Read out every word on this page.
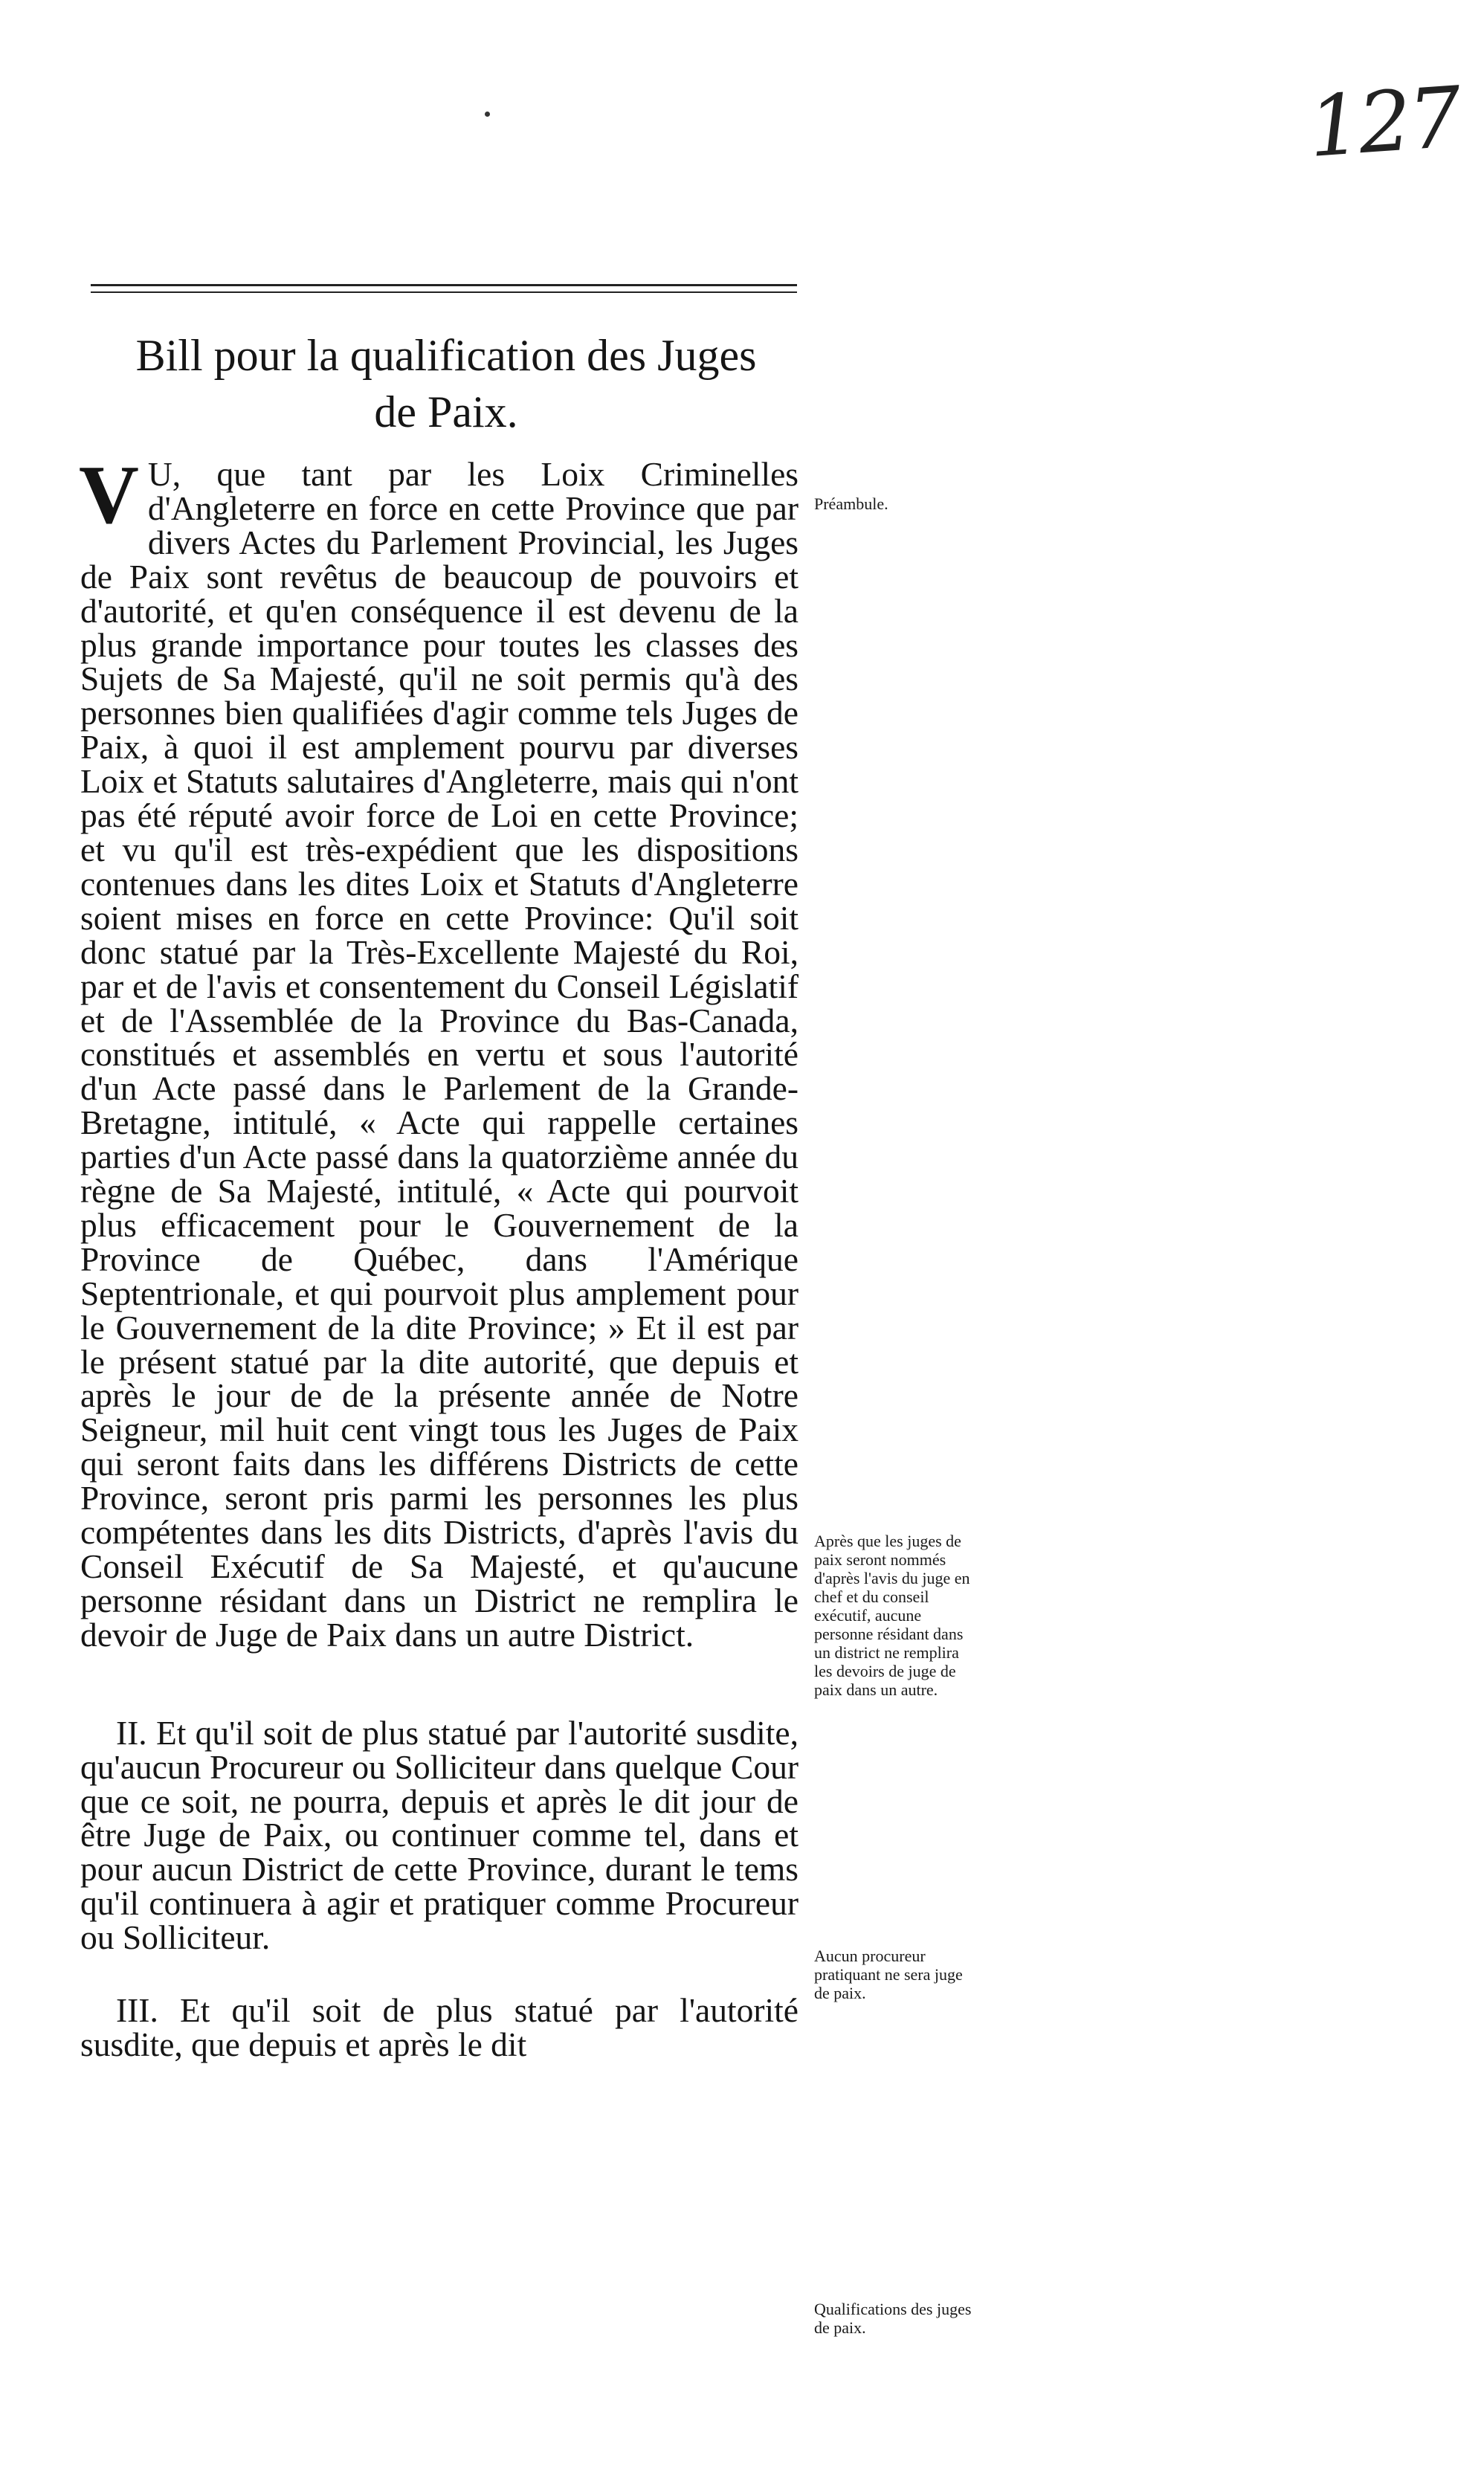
127
Bill pour la qualification des Juges
de Paix.

V U, que tant par les Loix Criminelles d'Angleterre en force en cette Province que par divers Actes du Parlement Provincial, les Juges de Paix sont revêtus de beaucoup de pouvoirs et d'autorité, et qu'en conséquence il est devenu de la plus grande importance pour toutes les classes des Sujets de Sa Majesté, qu'il ne soit permis qu'à des personnes bien qualifiées d'agir comme tels Juges de Paix, à quoi il est amplement pourvu par diverses Loix et Statuts salutaires d'Angleterre, mais qui n'ont pas été réputé avoir force de Loi en cette Province; et vu qu'il est très-expédient que les dispositions contenues dans les dites Loix et Statuts d'Angleterre soient mises en force en cette Province: Qu'il soit donc statué par la Très-Excellente Majesté du Roi, par et de l'avis et consentement du Conseil Législatif et de l'Assemblée de la Province du Bas-Canada, constitués et assemblés en vertu et sous l'autorité d'un Acte passé dans le Parlement de la Grande-Bretagne, intitulé, « Acte qui rappelle certaines parties d'un Acte passé dans la quatorzième année du règne de Sa Majesté, intitulé, « Acte qui pourvoit plus efficacement pour le Gouvernement de la Province de Québec, dans l'Amérique Septentrionale, et qui pourvoit plus amplement pour le Gouvernement de la dite Province; » Et il est par le présent statué par la dite autorité, que depuis et après le jour de de la présente année de Notre Seigneur, mil huit cent vingt tous les Juges de Paix qui seront faits dans les différens Districts de cette Province, seront pris parmi les personnes les plus compétentes dans les dits Districts, d'après l'avis du Conseil Exécutif de Sa Majesté, et qu'aucune personne résidant dans un District ne remplira le devoir de Juge de Paix dans un autre District.

II. Et qu'il soit de plus statué par l'autorité susdite, qu'aucun Procureur ou Solliciteur dans quelque Cour que ce soit, ne pourra, depuis et après le dit jour de être Juge de Paix, ou continuer comme tel, dans et pour aucun District de cette Province, durant le tems qu'il continuera à agir et pratiquer comme Procureur ou Solliciteur.

III. Et qu'il soit de plus statué par l'autorité susdite, que depuis et après le dit

Préambule.
Après que les juges de paix seront nommés d'après l'avis du juge en chef et du conseil exécutif, aucune personne résidant dans un district ne remplira les devoirs de juge de paix dans un autre.
Aucun procureur pratiquant ne sera juge de paix.
Qualifications des juges de paix.
